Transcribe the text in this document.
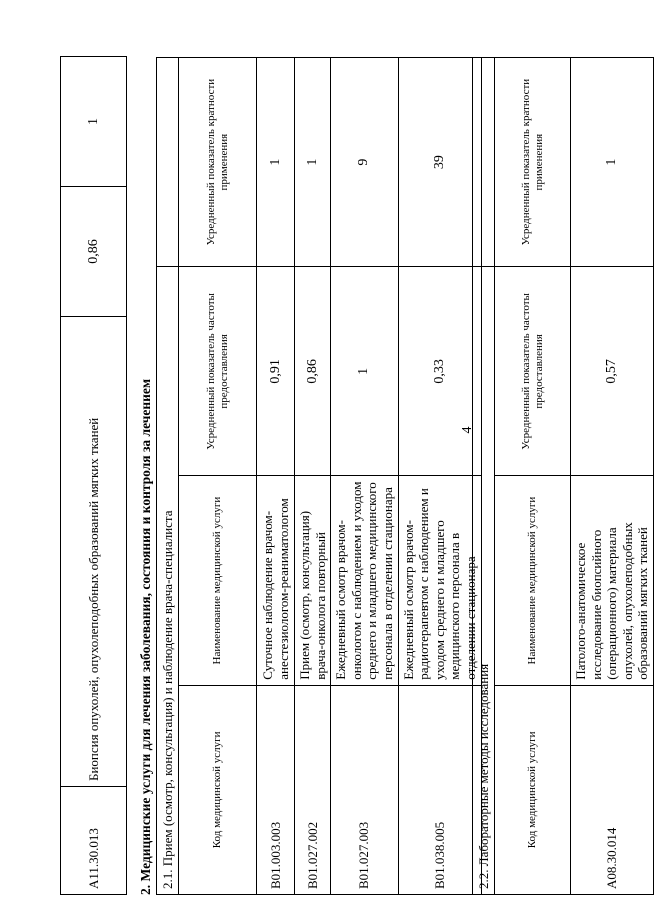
4
A11.30.013	Биопсия опухолей, опухолеподобных образований мягких тканей	0,86	1
2. Медицинские услуги для лечения заболевания, состояния и контроля за лечением 2.1. Прием (осмотр, консультация) и наблюдение врача-специалиста			
Код медицинской услуги	Наименование медицинской услуги	Усредненный показатель частоты предоставления	Усредненный показатель кратности применения
B01.003.003	Суточное наблюдение врачом-анестезиологом-реаниматологом	0,91	1
B01.027.002	Прием (осмотр, консультация) врача-онколога повторный	0,86	1
B01.027.003	Ежедневный осмотр врачом-онкологом с наблюдением и уходом среднего и младшего медицинского персонала в отделении стационара	1	9
B01.038.005	Ежедневный осмотр врачом-радиотерапевтом с наблюдением и уходом среднего и младшего медицинского персонала в отделении стационара	0,33	39
2.2. Лабораторные методы исследования			
Код медицинской услуги	Наименование медицинской услуги	Усредненный показатель частоты предоставления	Усредненный показатель кратности применения
A08.30.014	Патолого-анатомическое исследование биопсийного (операционного) материала опухолей, опухолеподобных образований мягких тканей	0,57	1
